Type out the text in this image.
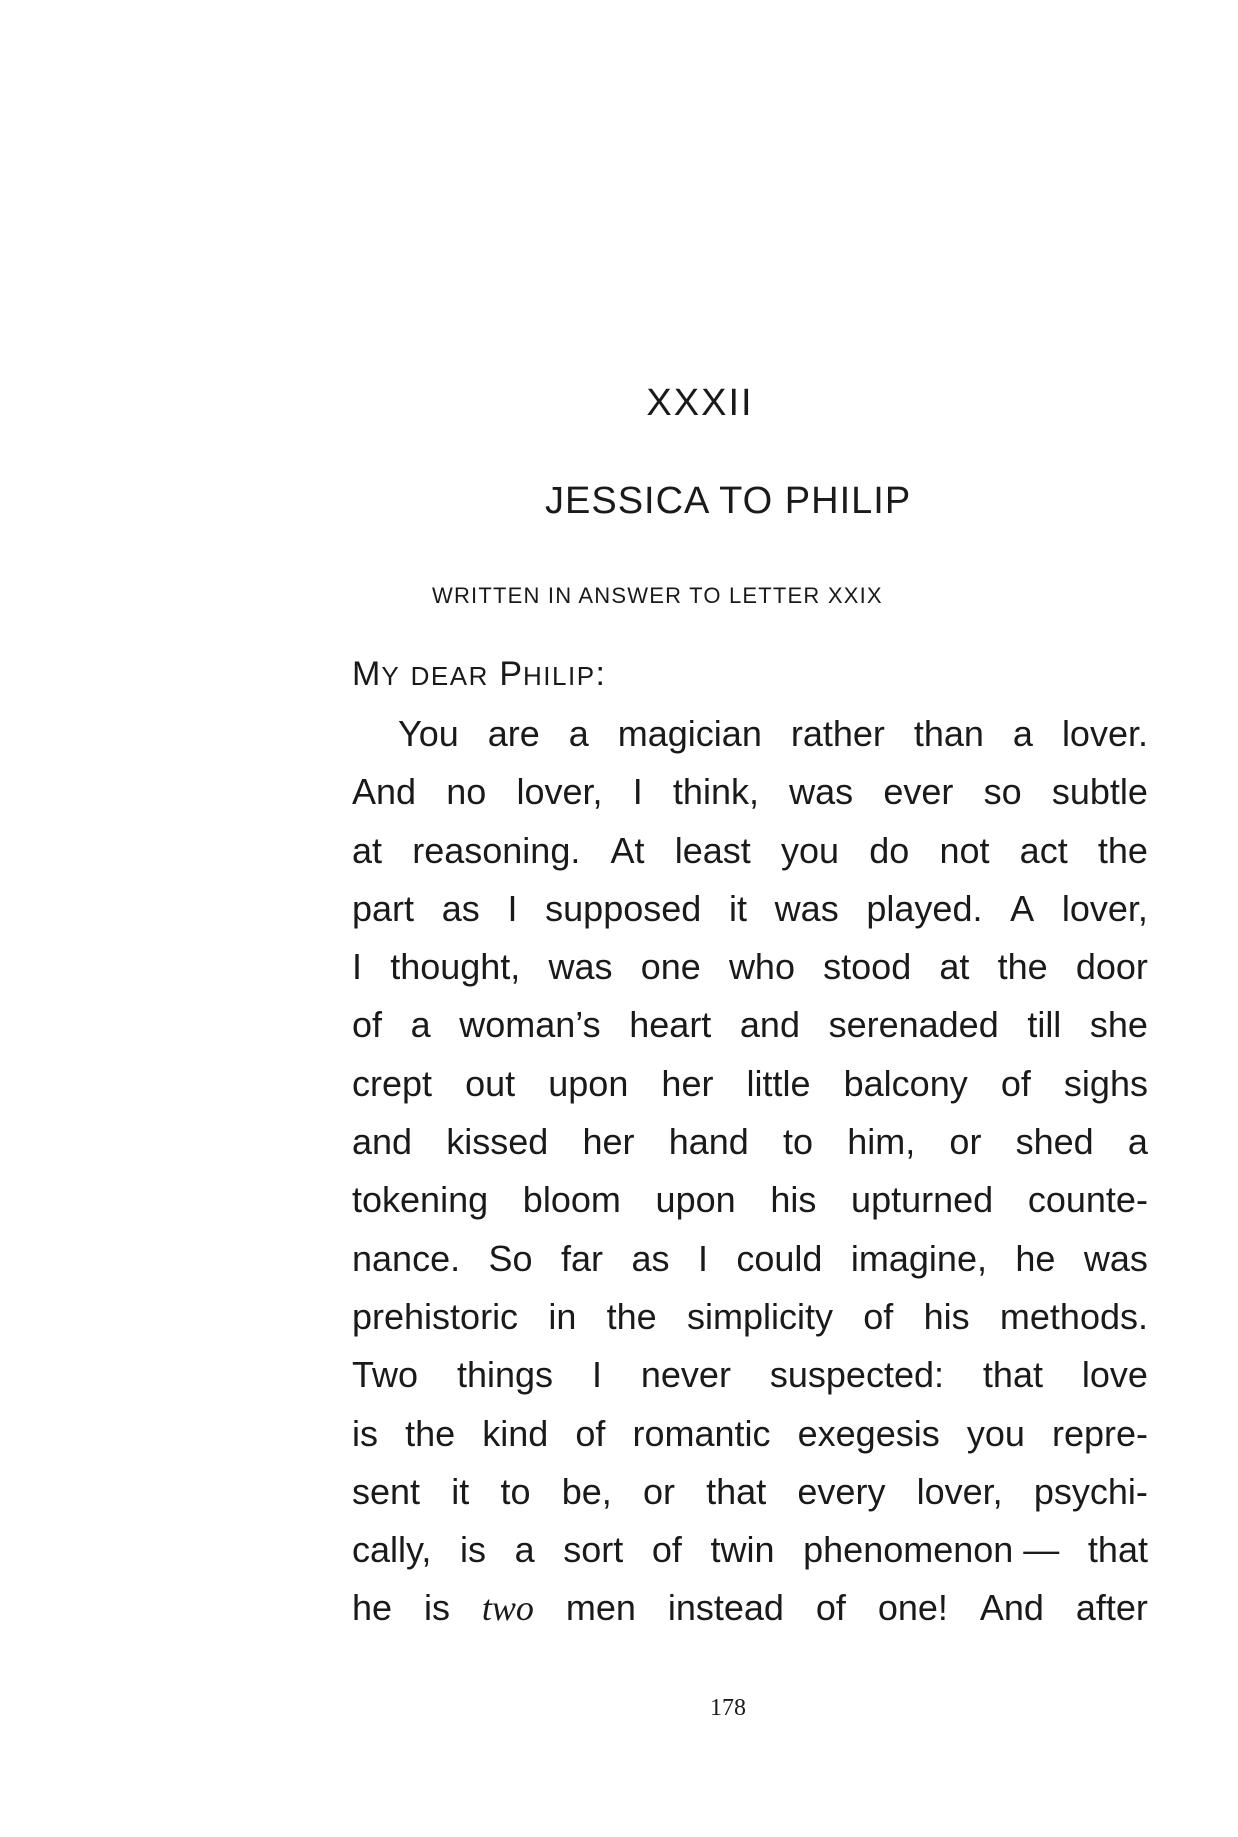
XXXII
JESSICA TO PHILIP
WRITTEN IN ANSWER TO LETTER XXIX
MY DEAR PHILIP:
You are a magician rather than a lover.
And no lover, I think, was ever so subtle
at reasoning. At least you do not act the
part as I supposed it was played. A lover,
I thought, was one who stood at the door
of a woman’s heart and serenaded till she
crept out upon her little balcony of sighs
and kissed her hand to him, or shed a
tokening bloom upon his upturned counte-
nance. So far as I could imagine, he was
prehistoric in the simplicity of his methods.
Two things I never suspected: that love
is the kind of romantic exegesis you repre-
sent it to be, or that every lover, psychi-
cally, is a sort of twin phenomenon — that
he is two men instead of one! And after
178
